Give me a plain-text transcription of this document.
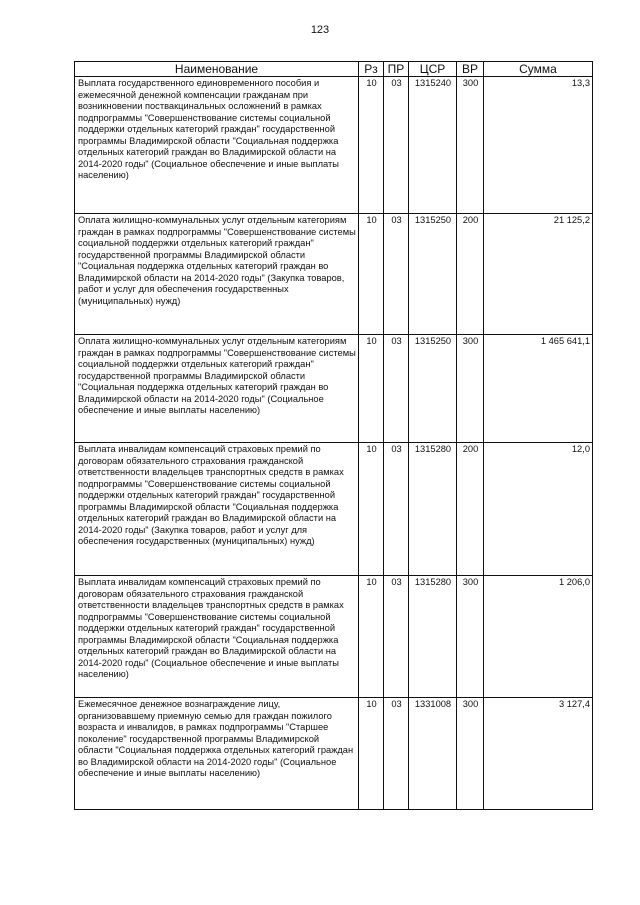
123
Наименование	Рз	ПР	ЦСР	ВР	Сумма
Выплата государственного единовременного пособия и ежемесячной денежной компенсации гражданам при возникновении поствакцинальных осложнений в рамках подпрограммы "Совершенствование системы социальной поддержки отдельных категорий граждан" государственной программы Владимирской области "Социальная поддержка отдельных категорий граждан во Владимирской области на 2014-2020 годы" (Социальное обеспечение и иные выплаты населению)	10	03	1315240	300	13,3
Оплата жилищно-коммунальных услуг отдельным категориям граждан в рамках подпрограммы "Совершенствование системы социальной поддержки отдельных категорий граждан" государственной программы Владимирской области "Социальная поддержка отдельных категорий граждан во Владимирской области на 2014-2020 годы" (Закупка товаров, работ и услуг для обеспечения государственных (муниципальных) нужд)	10	03	1315250	200	21 125,2
Оплата жилищно-коммунальных услуг отдельным категориям граждан в рамках подпрограммы "Совершенствование системы социальной поддержки отдельных категорий граждан" государственной программы Владимирской области "Социальная поддержка отдельных категорий граждан во Владимирской области на 2014-2020 годы" (Социальное обеспечение и иные выплаты населению)	10	03	1315250	300	1 465 641,1
Выплата инвалидам компенсаций страховых премий по договорам обязательного страхования гражданской ответственности владельцев транспортных средств в рамках подпрограммы "Совершенствование системы социальной поддержки отдельных категорий граждан" государственной программы Владимирской области "Социальная поддержка отдельных категорий граждан во Владимирской области на 2014-2020 годы" (Закупка товаров, работ и услуг для обеспечения государственных (муниципальных) нужд)	10	03	1315280	200	12,0
Выплата инвалидам компенсаций страховых премий по договорам обязательного страхования гражданской ответственности владельцев транспортных средств в рамках подпрограммы "Совершенствование системы социальной поддержки отдельных категорий граждан" государственной программы Владимирской области "Социальная поддержка отдельных категорий граждан во Владимирской области на 2014-2020 годы" (Социальное обеспечение и иные выплаты населению)	10	03	1315280	300	1 206,0
Ежемесячное денежное вознаграждение лицу, организовавшему приемную семью для граждан пожилого возраста и инвалидов, в рамках подпрограммы "Старшее поколение" государственной программы Владимирской области "Социальная поддержка отдельных категорий граждан во Владимирской области на 2014-2020 годы" (Социальное обеспечение и иные выплаты населению)	10	03	1331008	300	3 127,4
